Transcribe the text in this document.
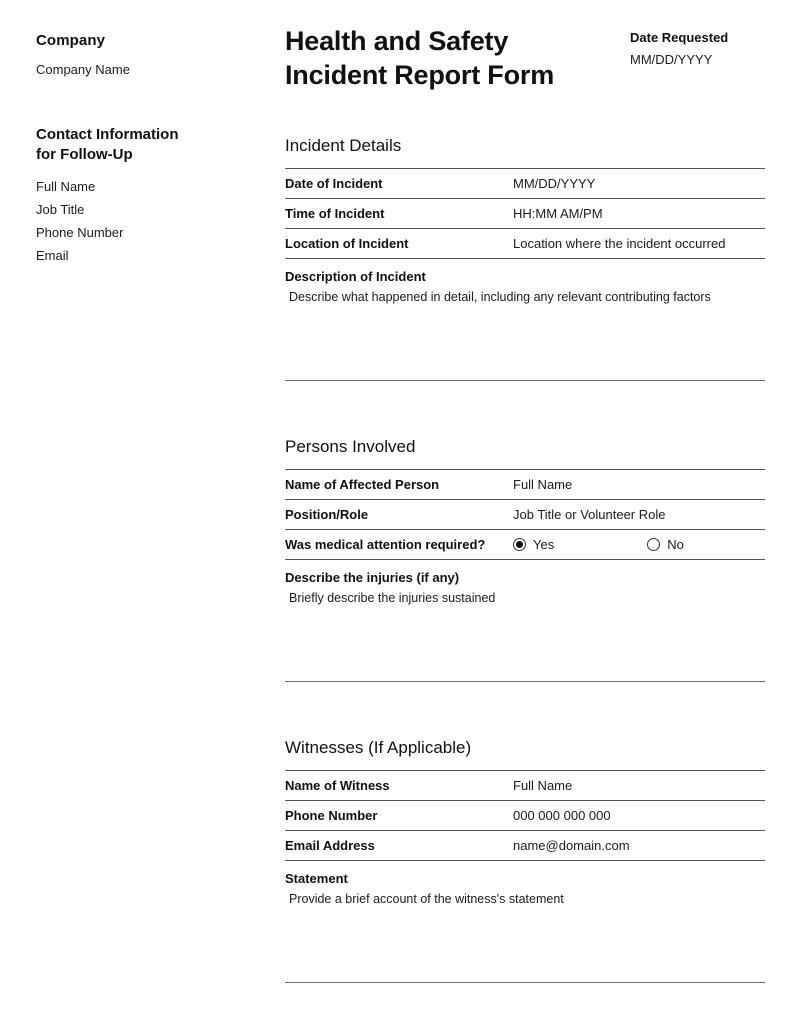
Company
Company Name
Contact Information for Follow-Up
Full Name
Job Title
Phone Number
Email
Health and Safety
Incident Report Form
Date Requested
MM/DD/YYYY
Incident Details
Date of Incident	MM/DD/YYYY
Time of Incident	HH:MM AM/PM
Location of Incident	Location where the incident occurred
Description of Incident
Describe what happened in detail, including any relevant contributing factors
Persons Involved
Name of Affected Person	Full Name
Position/Role	Job Title or Volunteer Role
Was medical attention required?	Yes	No
Describe the injuries (if any)
Briefly describe the injuries sustained
Witnesses (If Applicable)
Name of Witness	Full Name
Phone Number	000 000 000 000
Email Address	name@domain.com
Statement
Provide a brief account of the witness's statement
